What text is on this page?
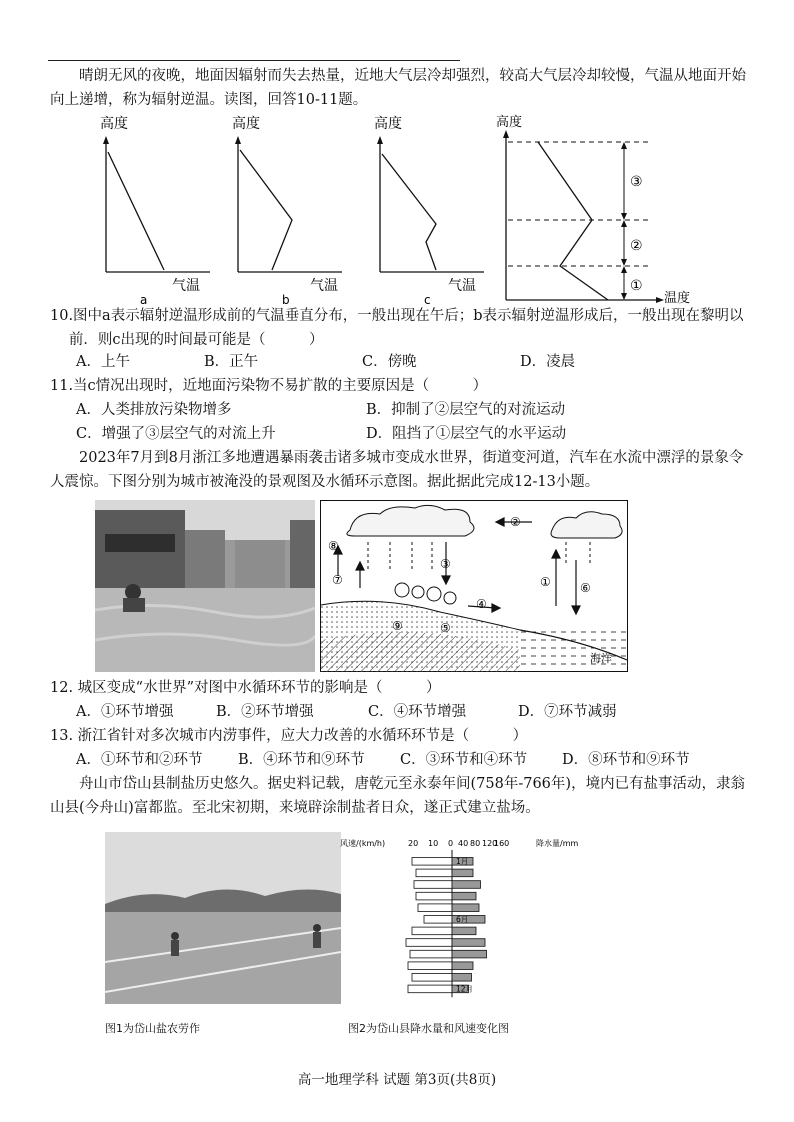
晴朗无风的夜晚，地面因辐射而失去热量，近地大气层冷却强烈，较高大气层冷却较慢，气温从地面开始向上递增，称为辐射逆温。读图，回答10-11题。

高度
气温
a
高度
气温
b
高度
气温
c
高度
温度
③
②
①

10.图中a表示辐射逆温形成前的气温垂直分布，一般出现在午后；b表示辐射逆温形成后，一般出现在黎明以前．则c出现的时间最可能是（　　　）

A．上午	B．正午	C．傍晚	D．凌晨

11.当c情况出现时，近地面污染物不易扩散的主要原因是（　　　）

A．人类排放污染物增多	B．抑制了②层空气的对流运动
C．增强了③层空气的对流上升	D．阻挡了①层空气的水平运动

2023年7月到8月浙江多地遭遇暴雨袭击诸多城市变成水世界，街道变河道，汽车在水流中漂浮的景象令人震惊。下图分别为城市被淹没的景观图及水循环示意图。据此据此完成12-13小题。

②
① ⑥
③
④
⑤
⑦
⑧
⑨
海洋

12. 城区变成“水世界”对图中水循环环节的影响是（　　　）

A．①环节增强	B．②环节增强	C．④环节增强	D．⑦环节减弱

13. 浙江省针对多次城市内涝事件，应大力改善的水循环环节是（　　　）

A．①环节和②环节	B．④环节和⑨环节	C．③环节和④环节	D．⑧环节和⑨环节

舟山市岱山县制盐历史悠久。据史料记载，唐乾元至永泰年间(758年-766年)，境内已有盐事活动，隶翁山县(今舟山)富都监。至北宋初期，来境辟涂制盐者日众，遂正式建立盐场。

图1为岱山盐农劳作
风速/(km/h)	降水量/mm
20 10 0 40 80 120
160
1月
6月
12月
图2为岱山县降水量和风速变化图
高一地理学科 试题 第3页(共8页)
